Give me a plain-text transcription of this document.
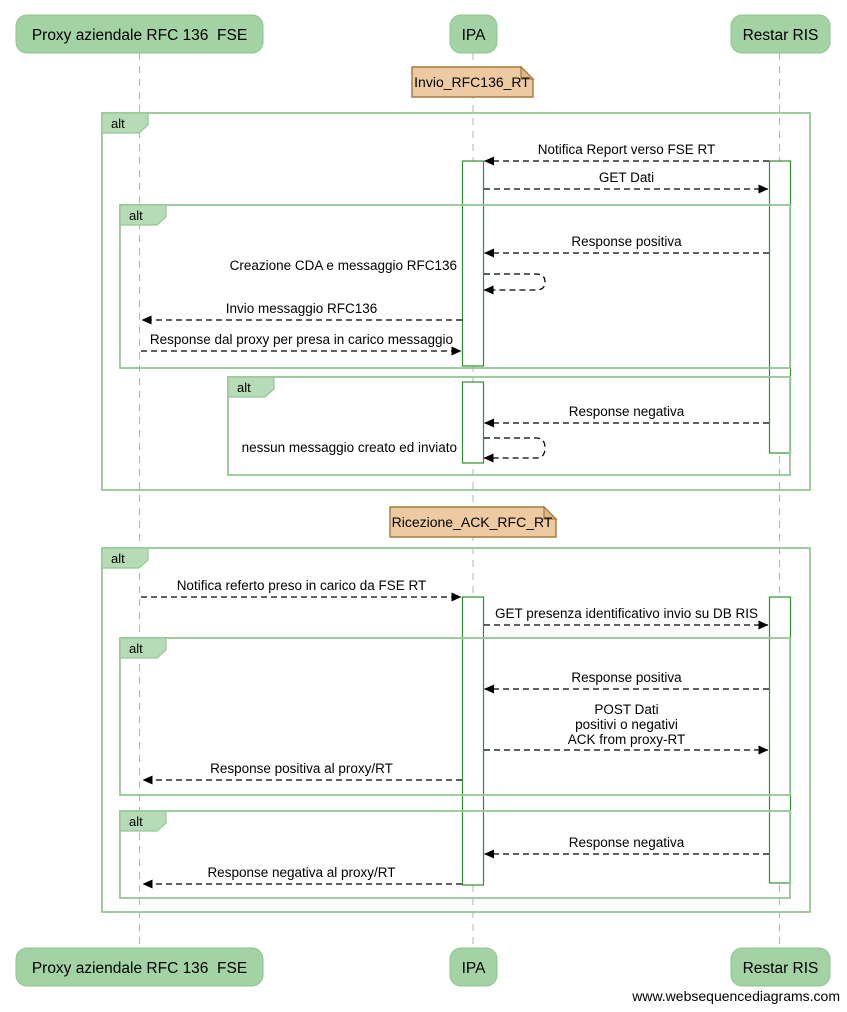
alt
alt
alt
alt
alt
alt
Invio_RFC136_RT
Ricezione_ACK_RFC_RT
Notifica Report verso FSE RT
GET Dati
Response positiva
Creazione CDA e messaggio RFC136
Invio messaggio RFC136
Response dal proxy per presa in carico messaggio
Response negativa
nessun messaggio creato ed inviato
Notifica referto preso in carico da FSE RT
GET presenza identificativo invio su DB RIS
Response positiva
POST Dati
positivi o negativi
ACK from proxy-RT
Response positiva al proxy/RT
Response negativa
Response negativa al proxy/RT
Proxy aziendale RFC 136  FSE	IPA	Restar RIS
Proxy aziendale RFC 136  FSE	IPA	Restar RIS
www.websequencediagrams.com
